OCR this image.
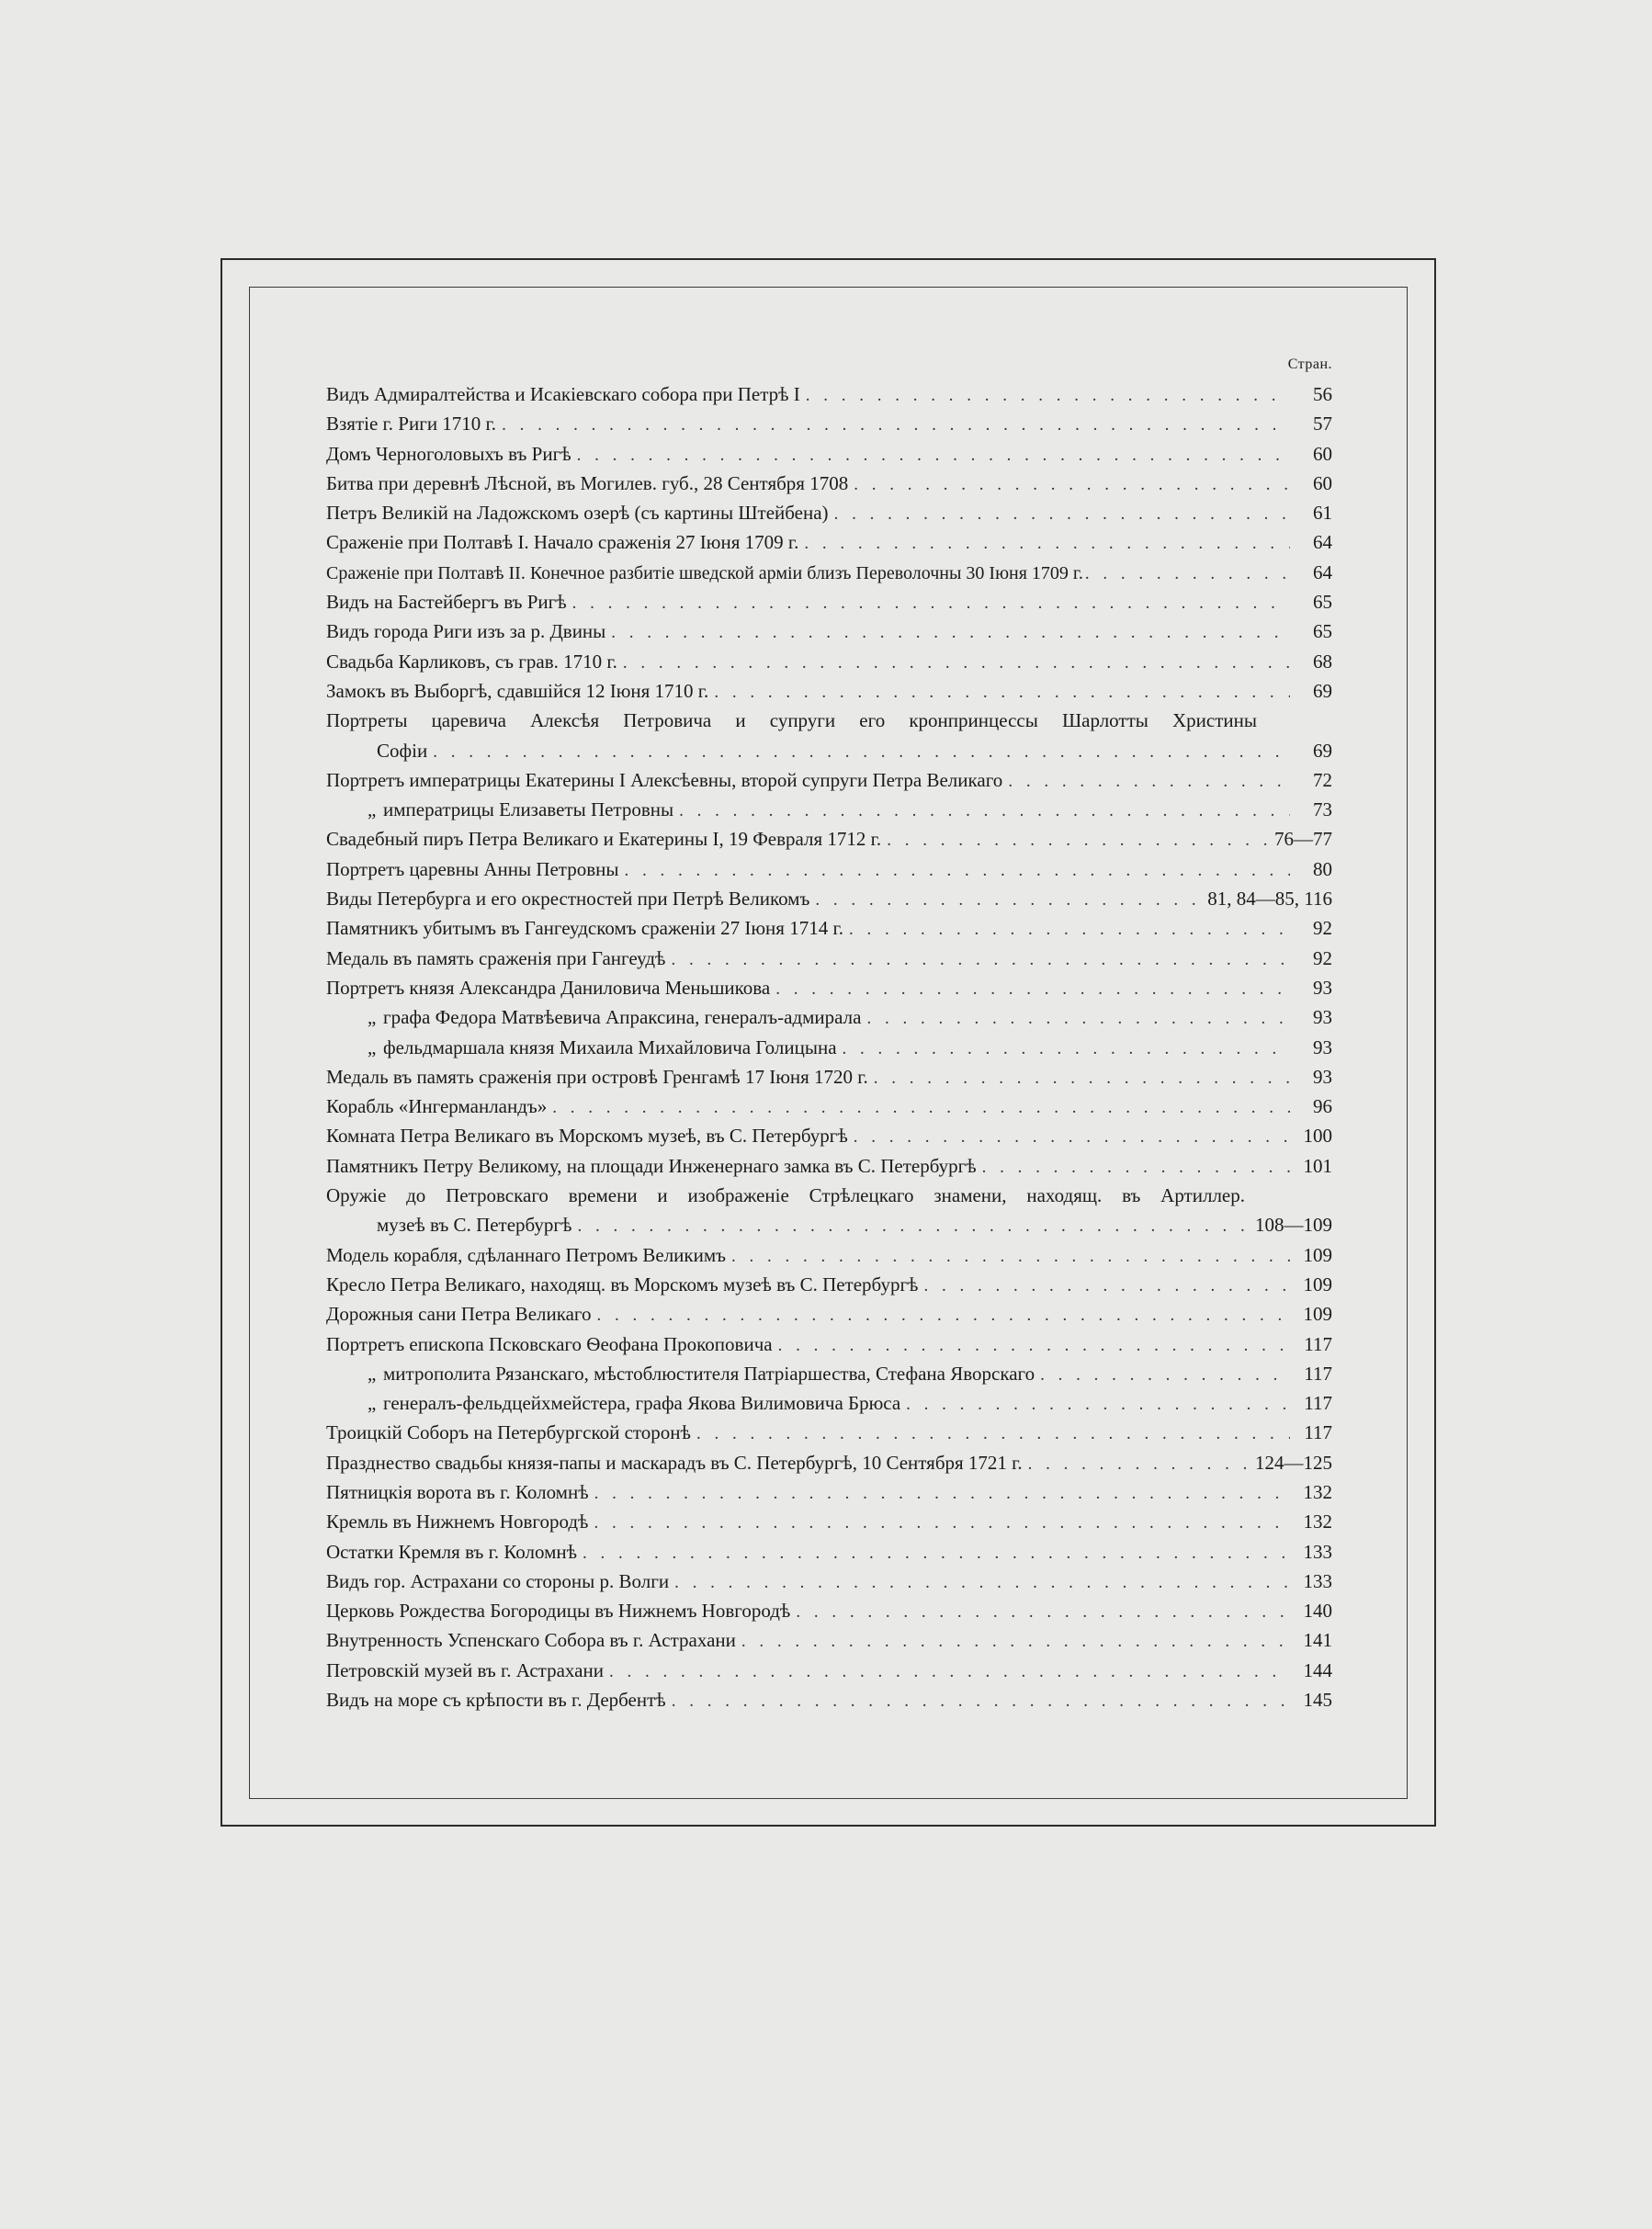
Стран.
Видъ Адмиралтейства и Исакiевскаго собора при Петрѣ I . . .	56
Взятiе г. Риги 1710 г. . . .	57
Домъ Черноголовыхъ въ Ригѣ . . .	60
Битва при деревнѣ Лѣсной, въ Могилев. губ., 28 Сентября 1708 . . .	60
Петръ Великiй на Ладожскомъ озерѣ (съ картины Штейбена) . . .	61
Сраженiе при Полтавѣ I. Начало сраженiя 27 Iюня 1709 г. . . .	64
Сраженiе при Полтавѣ II. Конечное разбитiе шведской армiи близъ Переволочны 30 Iюня 1709 г. . . .	64
Видъ на Бастейбергъ въ Ригѣ . . .	65
Видъ города Риги изъ за р. Двины . . .	65
Свадьба Карликовъ, съ грав. 1710 г. . . .	68
Замокъ въ Выборгѣ, сдавшiйся 12 Iюня 1710 г. . . .	69
Портреты царевича Алексѣя Петровича и супруги его кронпринцессы Шарлотты Христины
Софiи . . .	69
Портретъ императрицы Екатерины I Алексѣевны, второй супруги Петра Великаго . . .	72
„ императрицы Елизаветы Петровны . . .	73
Свадебный пиръ Петра Великаго и Екатерины I, 19 Февраля 1712 г. . . .	76—77
Портретъ царевны Анны Петровны . . .	80
Виды Петербурга и его окрестностей при Петрѣ Великомъ . . .	81, 84—85, 116
Памятникъ убитымъ въ Гангеудскомъ сраженiи 27 Iюня 1714 г. . . .	92
Медаль въ память сраженiя при Гангеудѣ . . .	92
Портретъ князя Александра Даниловича Меньшикова . . .	93
„ графа Федора Матвѣевича Апраксина, генералъ-адмирала . . .	93
„ фельдмаршала князя Михаила Михайловича Голицына . . .	93
Медаль въ память сраженiя при островѣ Гренгамѣ 17 Iюня 1720 г. . . .	93
Корабль «Ингерманландъ» . . .	96
Комната Петра Великаго въ Морскомъ музеѣ, въ С. Петербургѣ . . .	100
Памятникъ Петру Великому, на площади Инженернаго замка въ С. Петербургѣ . . .	101
Оружiе до Петровскаго времени и изображенiе Стрѣлецкаго знамени, находящ. въ Артиллер.
музеѣ въ С. Петербургѣ . . .	108—109
Модель корабля, сдѣланнаго Петромъ Великимъ . . .	109
Кресло Петра Великаго, находящ. въ Морскомъ музеѣ въ С. Петербургѣ . . .	109
Дорожныя сани Петра Великаго . . .	109
Портретъ епископа Псковскаго Ѳеофана Прокоповича . . .	117
„ митрополита Рязанскаго, мѣстоблюстителя Патрiаршества, Стефана Яворскаго . . .	117
„ генералъ-фельдцейхмейстера, графа Якова Вилимовича Брюса . . .	117
Троицкiй Соборъ на Петербургской сторонѣ . . .	117
Празднество свадьбы князя-папы и маскарадъ въ С. Петербургѣ, 10 Сентября 1721 г. . . .	124—125
Пятницкiя ворота въ г. Коломнѣ . . .	132
Кремль въ Нижнемъ Новгородѣ . . .	132
Остатки Кремля въ г. Коломнѣ . . .	133
Видъ гор. Астрахани со стороны р. Волги . . .	133
Церковь Рождества Богородицы въ Нижнемъ Новгородѣ . . .	140
Внутренность Успенскаго Собора въ г. Астрахани . . .	141
Петровскiй музей въ г. Астрахани . . .	144
Видъ на море съ крѣпости въ г. Дербентѣ . . .	145
